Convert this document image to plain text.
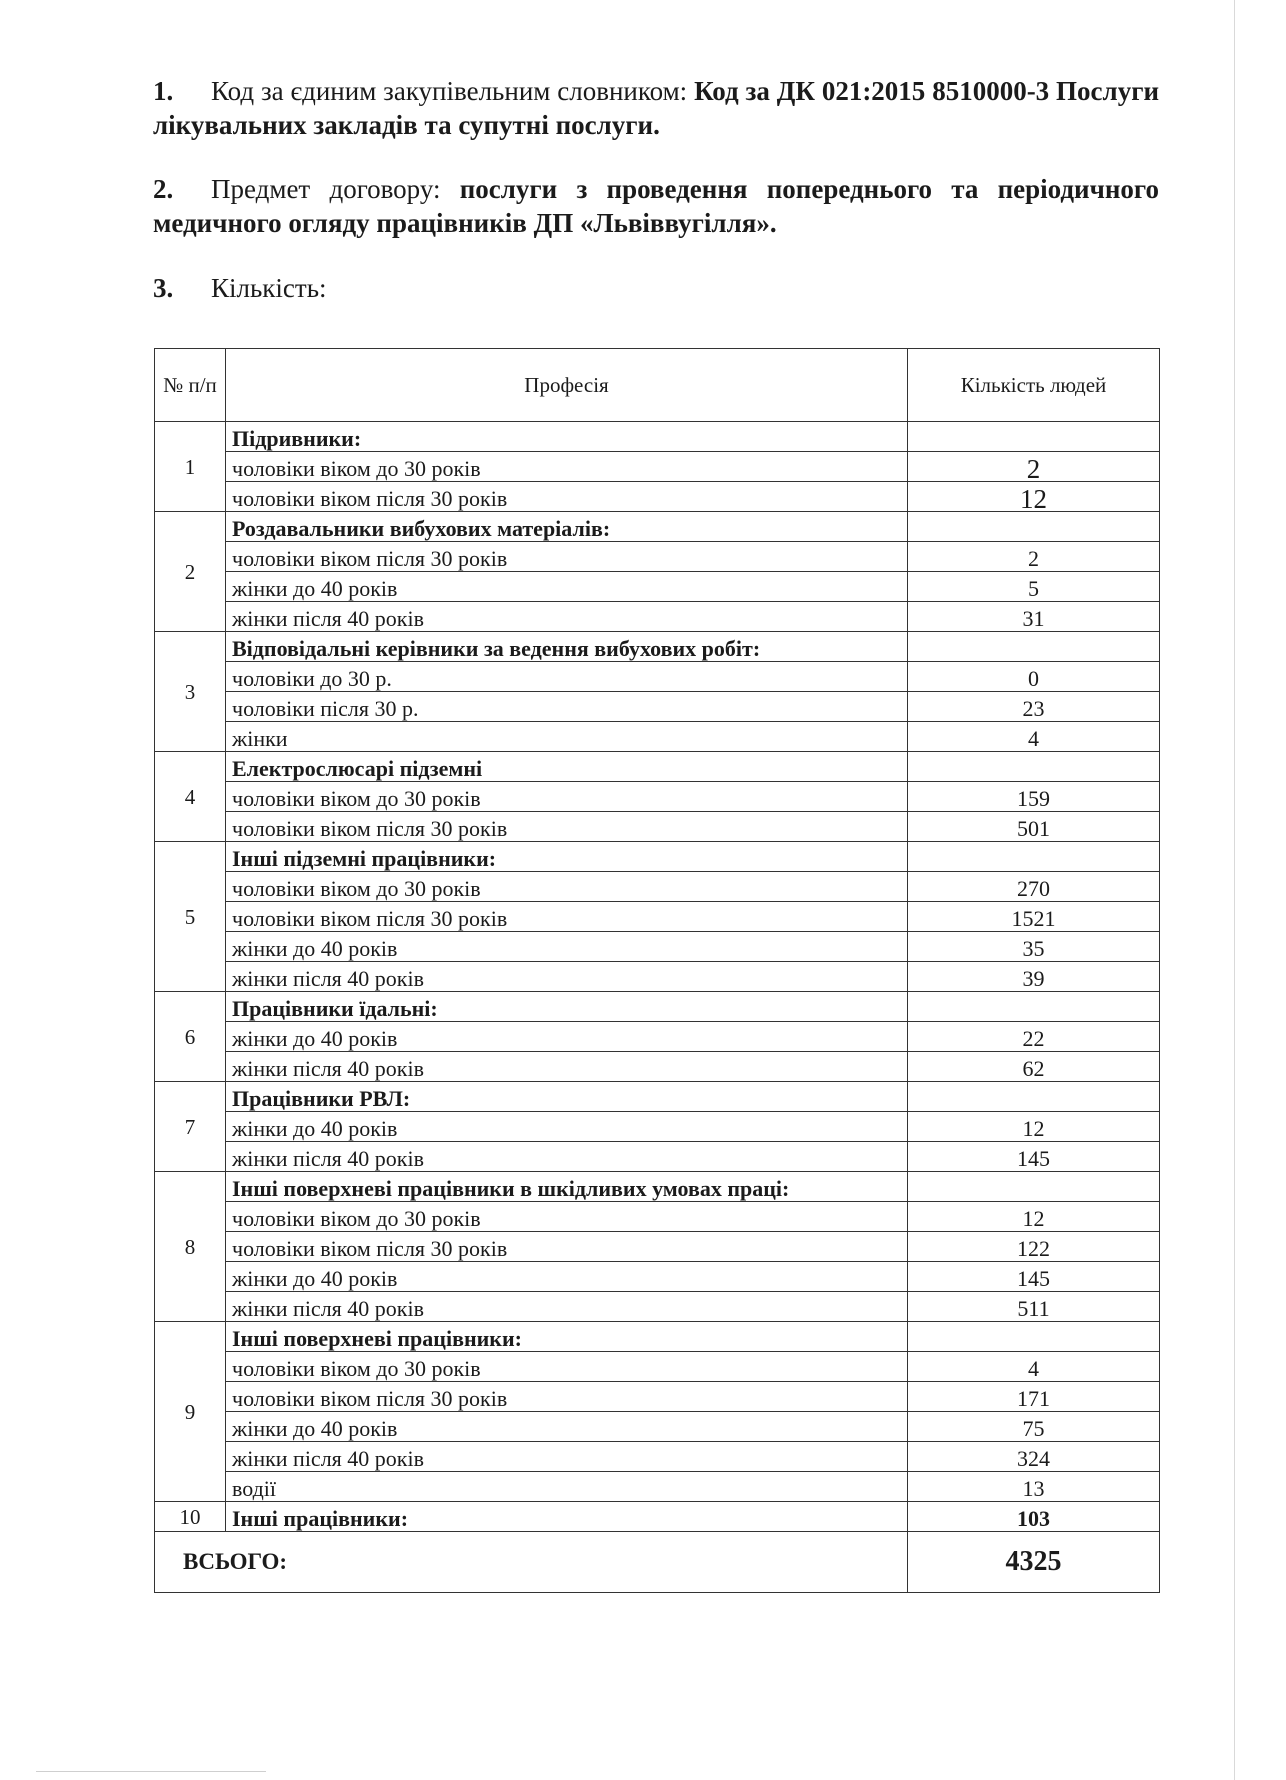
1. Код за єдиним закупівельним словником: Код за ДК 021:2015 8510000-3 Послуги лікувальних закладів та супутні послуги.

2. Предмет договору: послуги з проведення попереднього та періодичного медичного огляду працівників ДП «Львіввугілля».

3. Кількість:

№ п/п	Професія	Кількість людей
1	Підривники:	
	чоловіки віком до 30 років	2
	чоловіки віком після 30 років	12
2	Роздавальники вибухових матеріалів:	
	чоловіки віком після 30 років	2
	жінки до 40 років	5
	жінки після 40 років	31
3	Відповідальні керівники за ведення вибухових робіт:	
	чоловіки до 30 р.	0
	чоловіки після 30 р.	23
	жінки	4
4	Електрослюсарі підземні	
	чоловіки віком до 30 років	159
	чоловіки віком після 30 років	501
5	Інші підземні працівники:	
	чоловіки віком до 30 років	270
	чоловіки віком після 30 років	1521
	жінки до 40 років	35
	жінки після 40 років	39
6	Працівники їдальні:	
	жінки до 40 років	22
	жінки після 40 років	62
7	Працівники РВЛ:	
	жінки до 40 років	12
	жінки після 40 років	145
8	Інші поверхневі працівники в шкідливих умовах праці:	
	чоловіки віком до 30 років	12
	чоловіки віком після 30 років	122
	жінки до 40 років	145
	жінки після 40 років	511
9	Інші поверхневі працівники:	
	чоловіки віком до 30 років	4
	чоловіки віком після 30 років	171
	жінки до 40 років	75
	жінки після 40 років	324
	водії	13
10	Інші працівники:	103
ВСЬОГО:		4325
